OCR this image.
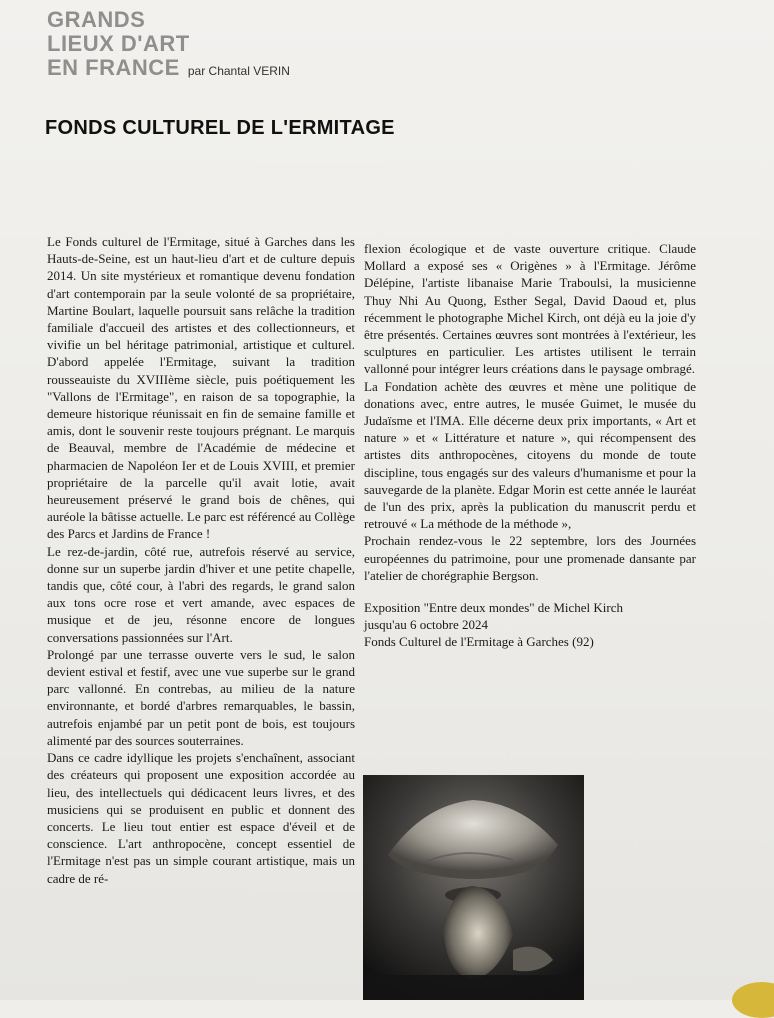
GRANDS
LIEUX D'ART
EN FRANCE par Chantal VERIN
FONDS CULTUREL DE L'ERMITAGE

Le Fonds culturel de l'Ermitage, situé à Garches dans les Hauts-de-Seine, est un haut-lieu d'art et de culture depuis 2014. Un site mystérieux et romantique devenu fondation d'art contemporain par la seule volonté de sa propriétaire, Martine Boulart, laquelle poursuit sans relâche la tradition familiale d'accueil des artistes et des collectionneurs, et vivifie un bel héritage patrimonial, artistique et culturel. D'abord appelée l'Ermitage, suivant la tradition rousseauiste du XVIIIème siècle, puis poétiquement les "Vallons de l'Ermitage", en raison de sa topographie, la demeure historique réunissait en fin de semaine famille et amis, dont le souvenir reste toujours prégnant. Le marquis de Beauval, membre de l'Académie de médecine et pharmacien de Napoléon Ier et de Louis XVIII, et premier propriétaire de la parcelle qu'il avait lotie, avait heureusement préservé le grand bois de chênes, qui auréole la bâtisse actuelle. Le parc est référencé au Collège des Parcs et Jardins de France !

Le rez-de-jardin, côté rue, autrefois réservé au service, donne sur un superbe jardin d'hiver et une petite chapelle, tandis que, côté cour, à l'abri des regards, le grand salon aux tons ocre rose et vert amande, avec espaces de musique et de jeu, résonne encore de longues conversations passionnées sur l'Art.

Prolongé par une terrasse ouverte vers le sud, le salon devient estival et festif, avec une vue superbe sur le grand parc vallonné. En contrebas, au milieu de la nature environnante, et bordé d'arbres remarquables, le bassin, autrefois enjambé par un petit pont de bois, est toujours alimenté par des sources souterraines.

Dans ce cadre idyllique les projets s'enchaînent, associant des créateurs qui proposent une exposition accordée au lieu, des intellectuels qui dédicacent leurs livres, et des musiciens qui se produisent en public et donnent des concerts. Le lieu tout entier est espace d'éveil et de conscience. L'art anthropocène, concept essentiel de l'Ermitage n'est pas un simple courant artistique, mais un cadre de ré-

flexion écologique et de vaste ouverture critique. Claude Mollard a exposé ses « Origènes » à l'Ermitage. Jérôme Délépine, l'artiste libanaise Marie Traboulsi, la musicienne Thuy Nhi Au Quong, Esther Segal, David Daoud et, plus récemment le photographe Michel Kirch, ont déjà eu la joie d'y être présentés. Certaines œuvres sont montrées à l'extérieur, les sculptures en particulier. Les artistes utilisent le terrain vallonné pour intégrer leurs créations dans le paysage ombragé.

La Fondation achète des œuvres et mène une politique de donations avec, entre autres, le musée Guimet, le musée du Judaïsme et l'IMA. Elle décerne deux prix importants, « Art et nature » et « Littérature et nature », qui récompensent des artistes dits anthropocènes, citoyens du monde de toute discipline, tous engagés sur des valeurs d'humanisme et pour la sauvegarde de la planète. Edgar Morin est cette année le lauréat de l'un des prix, après la publication du manuscrit perdu et retrouvé « La méthode de la méthode »,

Prochain rendez-vous le 22 septembre, lors des Journées européennes du patrimoine, pour une promenade dansante par l'atelier de chorégraphie Bergson.

Exposition "Entre deux mondes" de Michel Kirch
jusqu'au 6 octobre 2024
Fonds Culturel de l'Ermitage à Garches (92)
